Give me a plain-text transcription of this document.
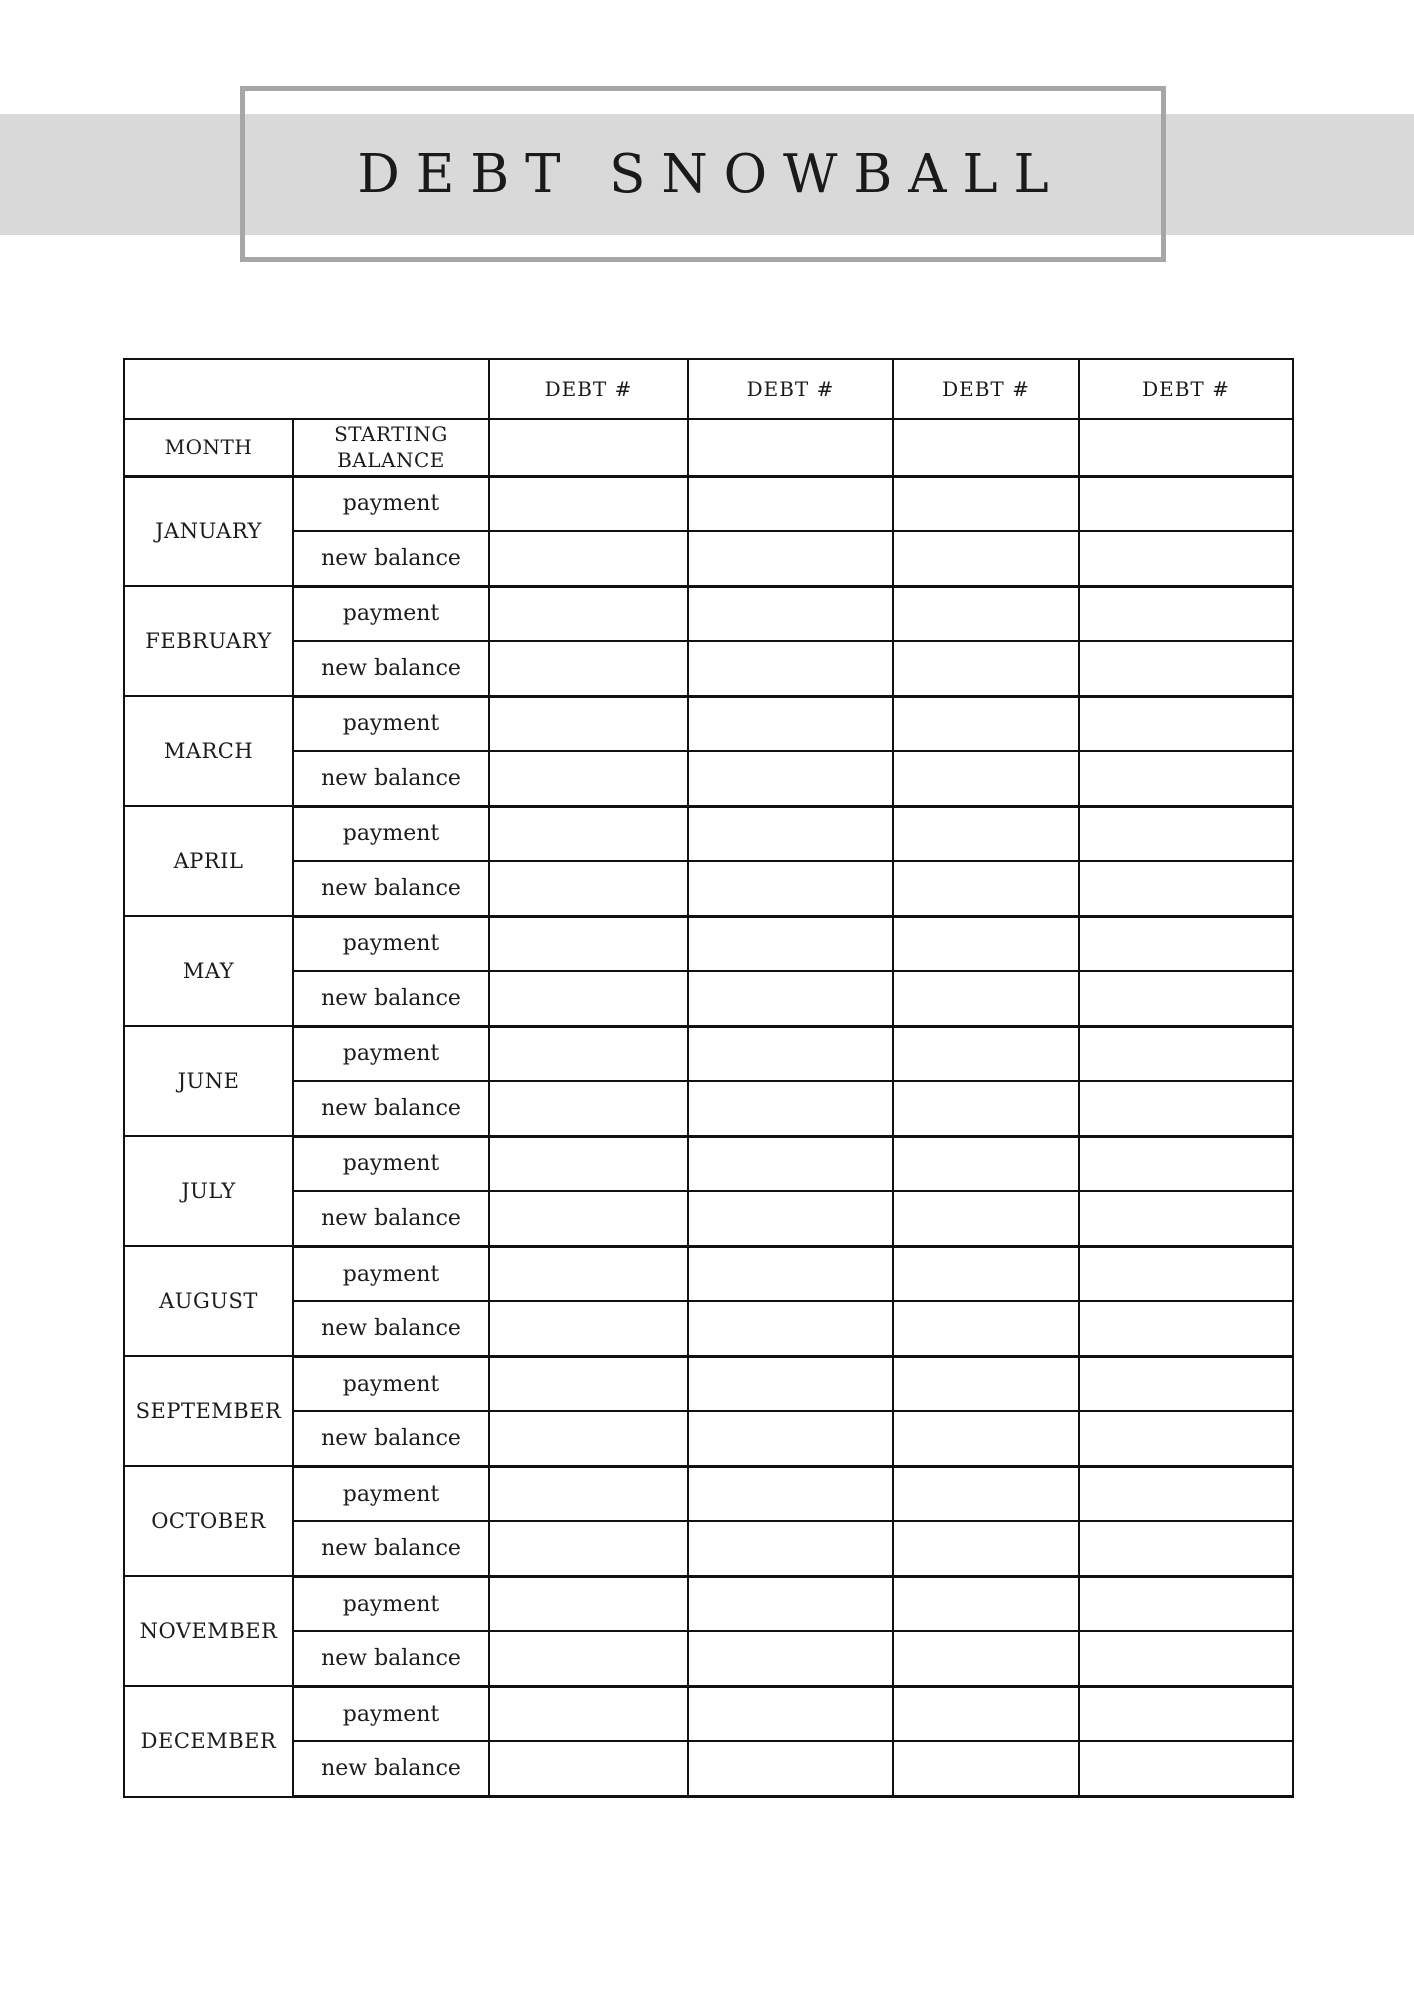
DEBT SNOWBALL
		DEBT #	DEBT #	DEBT #	DEBT #
MONTH	STARTING
BALANCE				

JANUARY	payment				
	new balance				
FEBRUARY	payment				
	new balance				
MARCH	payment				
	new balance				
APRIL	payment				
	new balance				
MAY	payment				
	new balance				
JUNE	payment				
	new balance				
JULY	payment				
	new balance				
AUGUST	payment				
	new balance				
SEPTEMBER	payment				
	new balance				
OCTOBER	payment				
	new balance				
NOVEMBER	payment				
	new balance				
DECEMBER	payment				
	new balance				
